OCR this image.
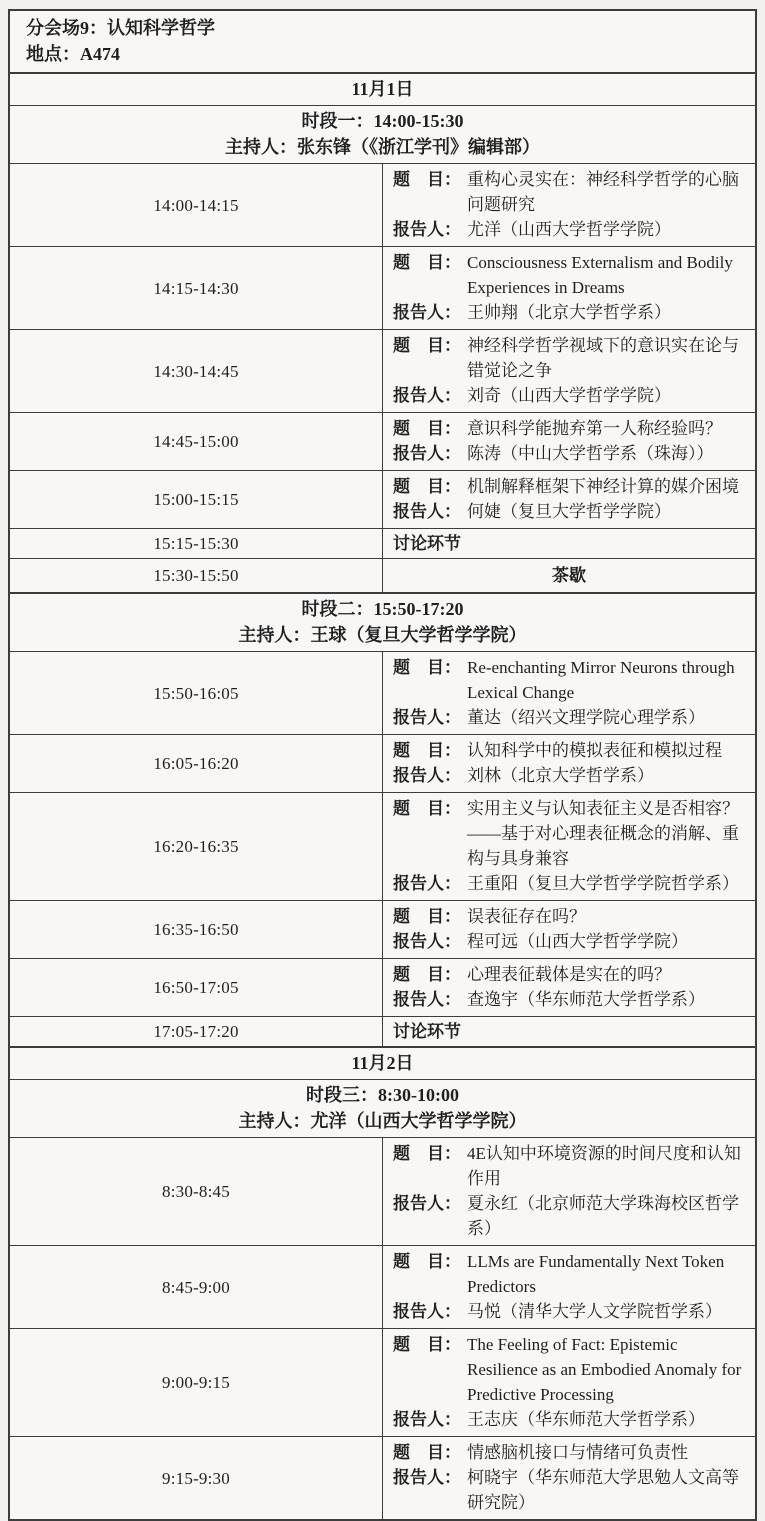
分会场9：认知科学哲学
地点：A474	

11月1日	

时段一：14:00-15:30
主持人：张东锋（《浙江学刊》编辑部）	

14:00-14:15	题　目： 重构心灵实在：神经科学哲学的心脑问题研究
报告人： 尤洋（山西大学哲学学院）

14:15-14:30	题　目： Consciousness Externalism and Bodily Experiences in Dreams
报告人： 王帅翔（北京大学哲学系）

14:30-14:45	题　目： 神经科学哲学视域下的意识实在论与错觉论之争
报告人： 刘奇（山西大学哲学学院）

14:45-15:00	题　目： 意识科学能抛弃第一人称经验吗？
报告人： 陈涛（中山大学哲学系（珠海））

15:00-15:15	题　目： 机制解释框架下神经计算的媒介困境
报告人： 何婕（复旦大学哲学学院）

15:15-15:30	讨论环节
15:30-15:50	茶歇

时段二：15:50-17:20
主持人：王球（复旦大学哲学学院）	

15:50-16:05	题　目： Re-enchanting Mirror Neurons through Lexical Change
报告人： 董达（绍兴文理学院心理学系）

16:05-16:20	题　目： 认知科学中的模拟表征和模拟过程
报告人： 刘林（北京大学哲学系）

16:20-16:35	题　目： 实用主义与认知表征主义是否相容？——基于对心理表征概念的消解、重构与具身兼容
报告人： 王重阳（复旦大学哲学学院哲学系）

16:35-16:50	题　目： 误表征存在吗？
报告人： 程可远（山西大学哲学学院）

16:50-17:05	题　目： 心理表征载体是实在的吗？
报告人： 查逸宇（华东师范大学哲学系）

17:05-17:20	讨论环节
11月2日	

时段三：8:30-10:00
主持人：尤洋（山西大学哲学学院）	

8:30-8:45	题　目： 4E认知中环境资源的时间尺度和认知作用
报告人： 夏永红（北京师范大学珠海校区哲学系）

8:45-9:00	题　目： LLMs are Fundamentally Next Token Predictors
报告人： 马悦（清华大学人文学院哲学系）

9:00-9:15	题　目： The Feeling of Fact: Epistemic Resilience as an Embodied Anomaly for Predictive Processing
报告人： 王志庆（华东师范大学哲学系）

9:15-9:30	题　目： 情感脑机接口与情绪可负责性
报告人： 柯晓宇（华东师范大学思勉人文高等研究院）
